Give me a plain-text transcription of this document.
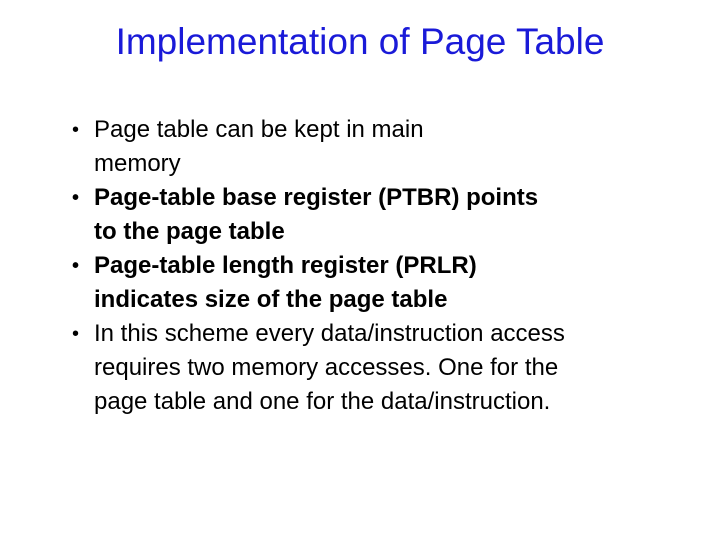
Implementation of Page Table
• Page table can be kept in main memory
• Page-table base register (PTBR) points to the page table
• Page-table length register (PRLR) indicates size of the page table
• In this scheme every data/instruction access requires two memory accesses. One for the page table and one for the data/instruction.
